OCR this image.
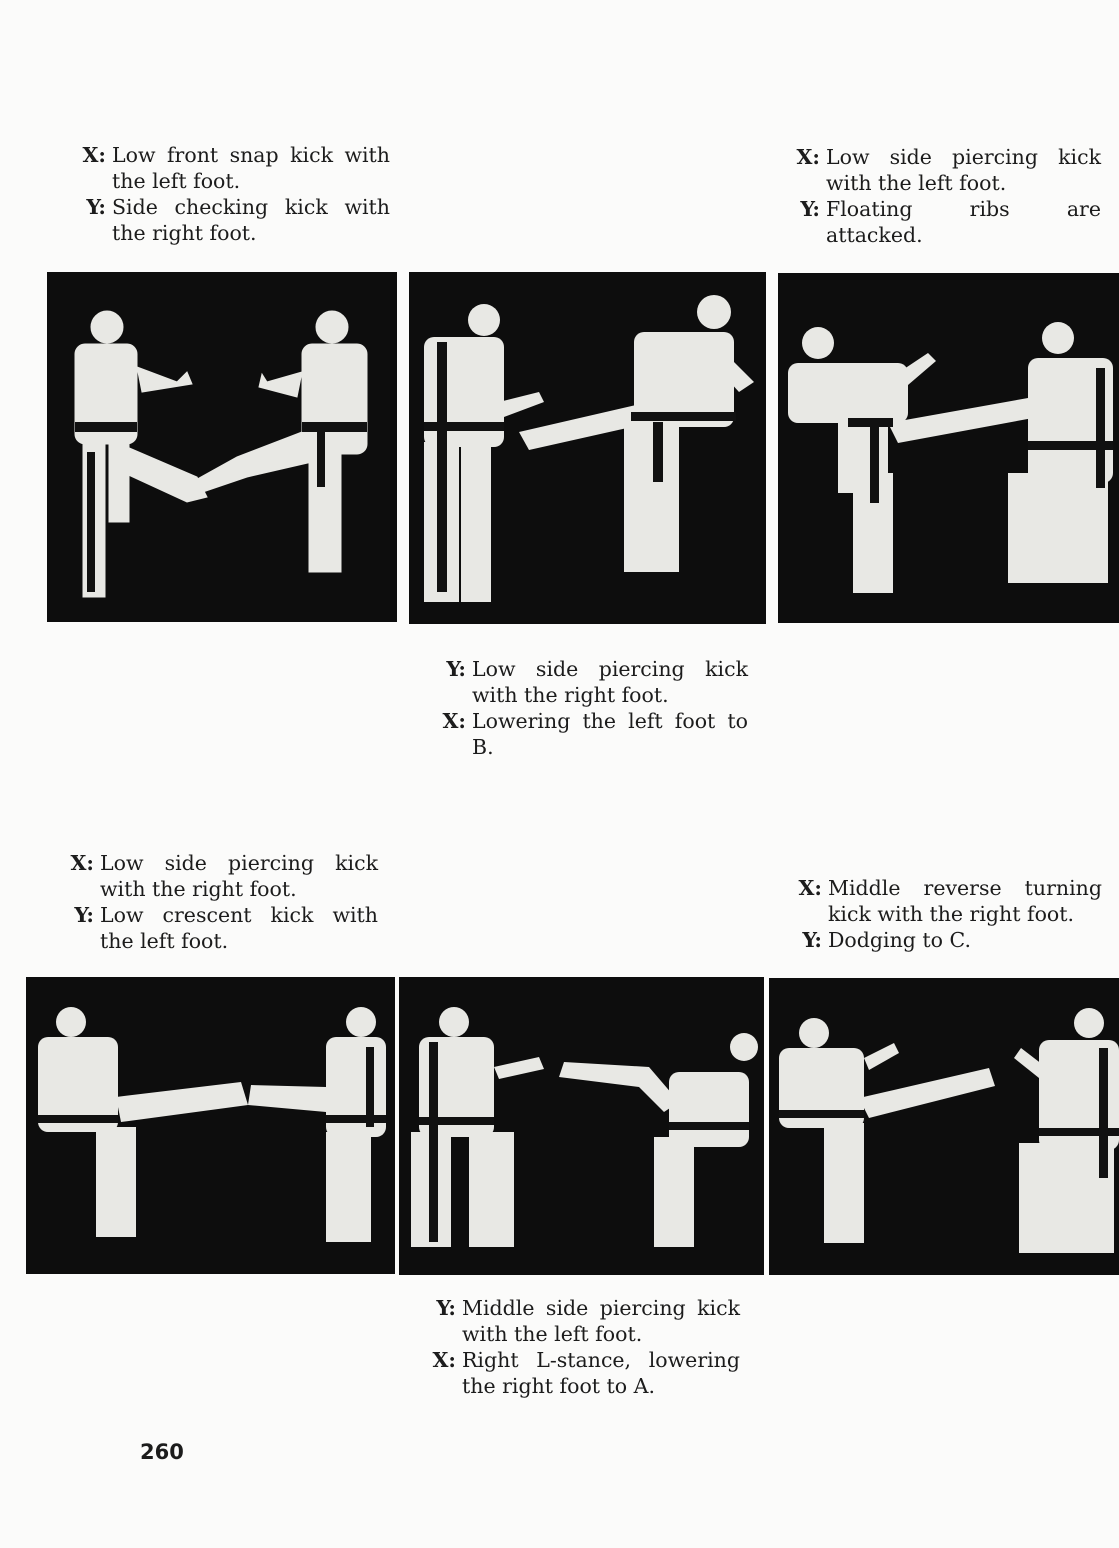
X: Low front snap kick with the left foot.
Y: Side checking kick with the right foot.
X: Low side piercing kick with the left foot.
Y: Floating ribs are attacked.
Y: Low side piercing kick with the right foot.
X: Lowering the left foot to B.
X: Low side piercing kick with the right foot.
Y: Low crescent kick with the left foot.
X: Middle reverse turning kick with the right foot.
Y: Dodging to C.
Y: Middle side piercing kick with the left foot.
X: Right L-stance, lowering the right foot to A.
260
